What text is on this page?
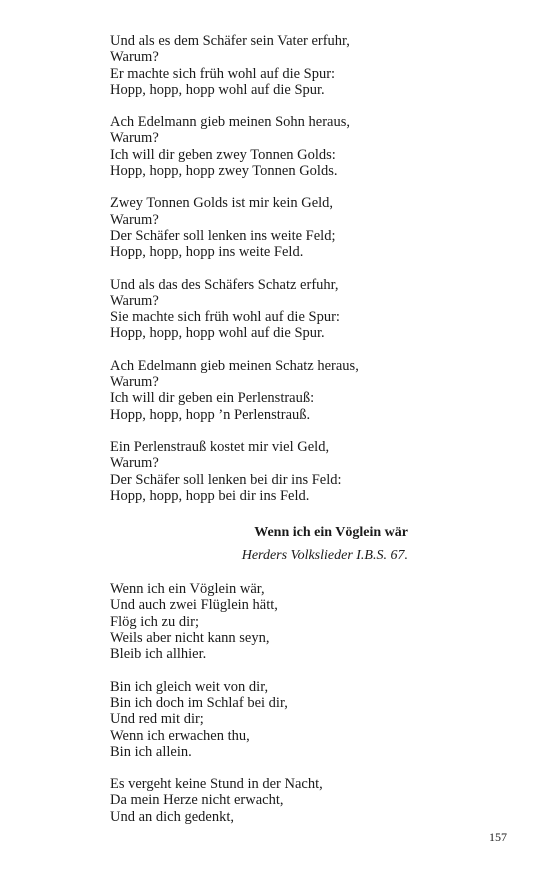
Und als es dem Schäfer sein Vater erfuhr,
Warum?
Er machte sich früh wohl auf die Spur:
Hopp, hopp, hopp wohl auf die Spur.
Ach Edelmann gieb meinen Sohn heraus,
Warum?
Ich will dir geben zwey Tonnen Golds:
Hopp, hopp, hopp zwey Tonnen Golds.
Zwey Tonnen Golds ist mir kein Geld,
Warum?
Der Schäfer soll lenken ins weite Feld;
Hopp, hopp, hopp ins weite Feld.
Und als das des Schäfers Schatz erfuhr,
Warum?
Sie machte sich früh wohl auf die Spur:
Hopp, hopp, hopp wohl auf die Spur.
Ach Edelmann gieb meinen Schatz heraus,
Warum?
Ich will dir geben ein Perlenstrauß:
Hopp, hopp, hopp ’n Perlenstrauß.
Ein Perlenstrauß kostet mir viel Geld,
Warum?
Der Schäfer soll lenken bei dir ins Feld:
Hopp, hopp, hopp bei dir ins Feld.
Wenn ich ein Vöglein wär
Herders Volkslieder I.B.S. 67.
Wenn ich ein Vöglein wär,
Und auch zwei Flüglein hätt,
Flög ich zu dir;
Weils aber nicht kann seyn,
Bleib ich allhier.
Bin ich gleich weit von dir,
Bin ich doch im Schlaf bei dir,
Und red mit dir;
Wenn ich erwachen thu,
Bin ich allein.
Es vergeht keine Stund in der Nacht,
Da mein Herze nicht erwacht,
Und an dich gedenkt,
157
